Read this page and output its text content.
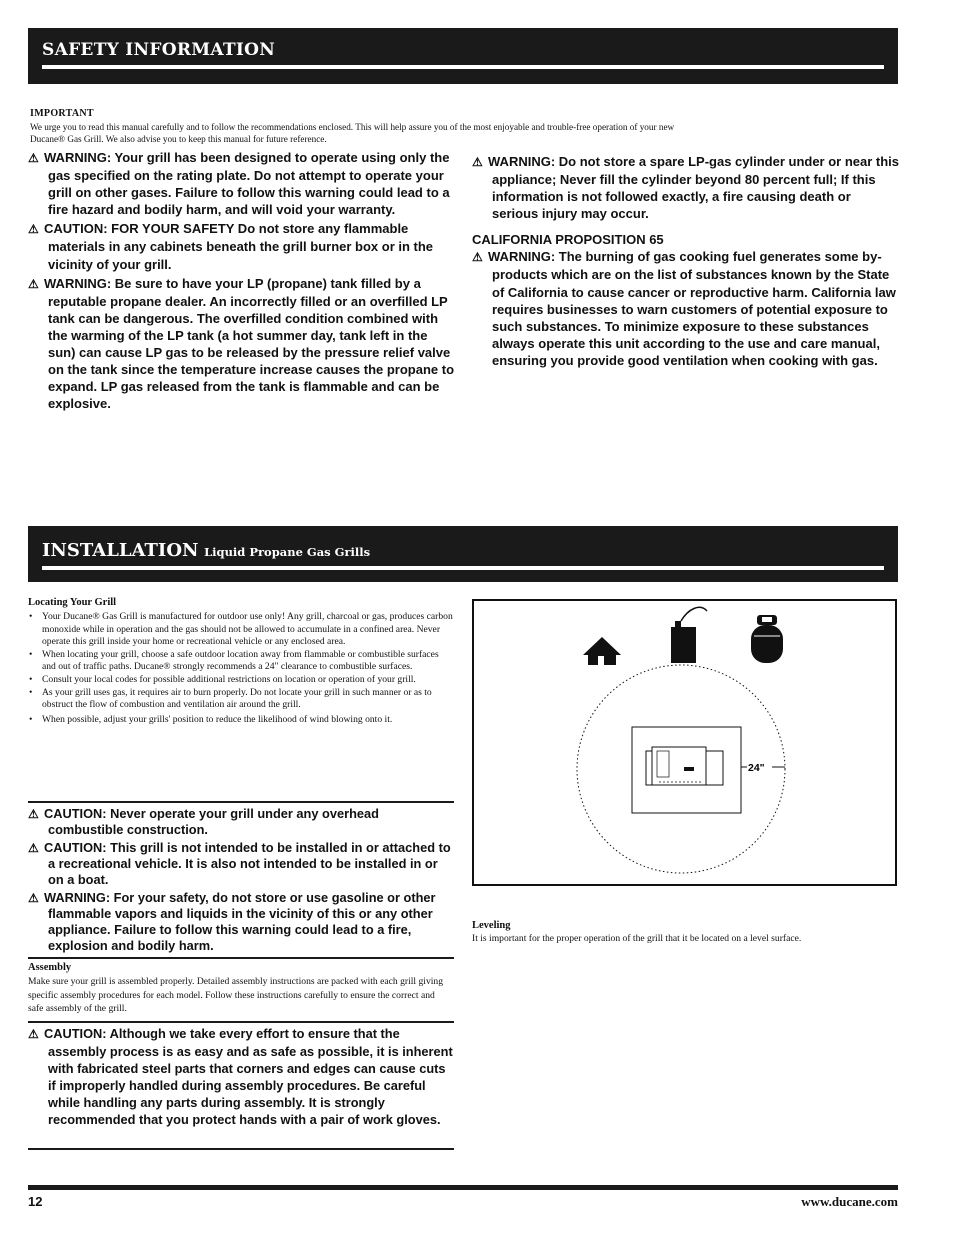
SAFETY INFORMATION
IMPORTANT
We urge you to read this manual carefully and to follow the recommendations enclosed. This will help assure you of the most enjoyable and trouble-free operation of your new
Ducane® Gas Grill. We also advise you to keep this manual for future reference.

⚠ WARNING: Your grill has been designed to operate using only the gas specified on the rating plate. Do not attempt to operate your grill on other gases. Failure to follow this warning could lead to a fire hazard and bodily harm, and will void your warranty.

⚠ CAUTION: FOR YOUR SAFETY Do not store any flammable materials in any cabinets beneath the grill burner box or in the vicinity of your grill.

⚠ WARNING: Be sure to have your LP (propane) tank filled by a reputable propane dealer. An incorrectly filled or an overfilled LP tank can be dangerous. The overfilled condition combined with the warming of the LP tank (a hot summer day, tank left in the sun) can cause LP gas to be released by the pressure relief valve on the tank since the temperature increase causes the propane to expand. LP gas released from the tank is flammable and can be explosive.

⚠ WARNING: Do not store a spare LP-gas cylinder under or near this appliance; Never fill the cylinder beyond 80 percent full; If this information is not followed exactly, a fire causing death or serious injury may occur.

CALIFORNIA PROPOSITION 65

⚠ WARNING: The burning of gas cooking fuel generates some by-products which are on the list of substances known by the State of California to cause cancer or reproductive harm. California law requires businesses to warn customers of potential exposure to such substances. To minimize exposure to these substances always operate this unit according to the use and care manual, ensuring you provide good ventilation when cooking with gas.

INSTALLATION Liquid Propane Gas Grills
Locating Your Grill
• Your Ducane® Gas Grill is manufactured for outdoor use only! Any grill, charcoal or gas, produces carbon monoxide while in operation and the gas should not be allowed to accumulate in a confined area. Never operate this grill inside your home or recreational vehicle or any enclosed area.
• When locating your grill, choose a safe outdoor location away from flammable or combustible surfaces and out of traffic paths. Ducane® strongly recommends a 24" clearance to combustible surfaces.
• Consult your local codes for possible additional restrictions on location or operation of your grill.
• As your grill uses gas, it requires air to burn properly. Do not locate your grill in such manner or as to obstruct the flow of combustion and ventilation air around the grill.
• When possible, adjust your grills' position to reduce the likelihood of wind blowing onto it.

⚠ CAUTION: Never operate your grill under any overhead combustible construction.

⚠ CAUTION: This grill is not intended to be installed in or attached to a recreational vehicle. It is also not intended to be installed in or on a boat.

⚠ WARNING: For your safety, do not store or use gasoline or other flammable vapors and liquids in the vicinity of this or any other appliance. Failure to follow this warning could lead to a fire, explosion and bodily harm.

Assembly
Make sure your grill is assembled properly. Detailed assembly instructions are packed with each grill giving specific assembly procedures for each model. Follow these instructions carefully to ensure the correct and safe assembly of the grill.

⚠ CAUTION: Although we take every effort to ensure that the assembly process is as easy and as safe as possible, it is inherent with fabricated steel parts that corners and edges can cause cuts if improperly handled during assembly procedures. Be careful while handling any parts during assembly. It is strongly recommended that you protect hands with a pair of work gloves.

24"
Leveling
It is important for the proper operation of the grill that it be located on a level surface.
12	www.ducane.com
